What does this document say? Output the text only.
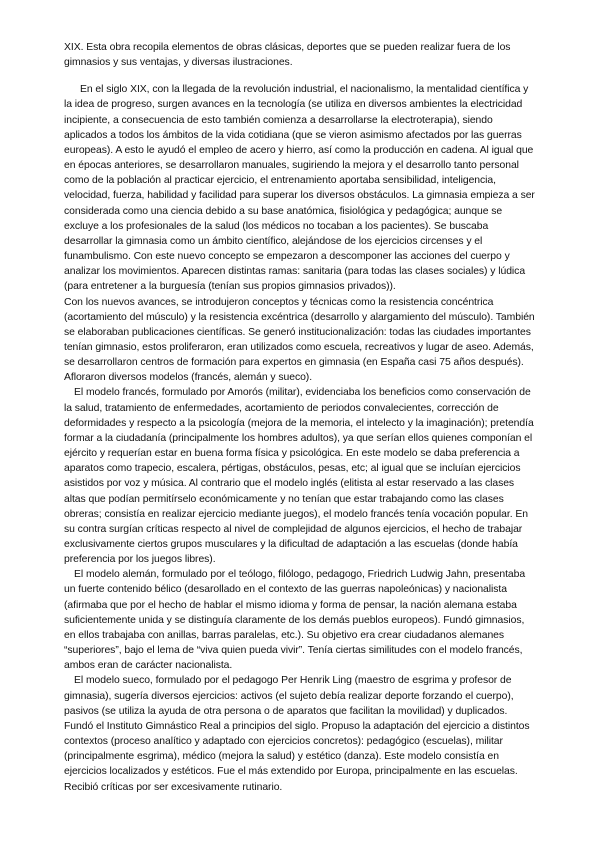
XIX. Esta obra recopila elementos de obras clásicas, deportes que se pueden realizar fuera de los gimnasios y sus ventajas, y diversas ilustraciones.

En el siglo XIX, con la llegada de la revolución industrial, el nacionalismo, la mentalidad científica y la idea de progreso, surgen avances en la tecnología (se utiliza en diversos ambientes la electricidad incipiente, a consecuencia de esto también comienza a desarrollarse la electroterapia), siendo aplicados a todos los ámbitos de la vida cotidiana (que se vieron asimismo afectados por las guerras europeas). A esto le ayudó el empleo de acero y hierro, así como la producción en cadena. Al igual que en épocas anteriores, se desarrollaron manuales, sugiriendo la mejora y el desarrollo tanto personal como de la población al practicar ejercicio, el entrenamiento aportaba sensibilidad, inteligencia, velocidad, fuerza, habilidad y facilidad para superar los diversos obstáculos. La gimnasia empieza a ser considerada como una ciencia debido a su base anatómica, fisiológica y pedagógica; aunque se excluye a los profesionales de la salud (los médicos no tocaban a los pacientes). Se buscaba desarrollar la gimnasia como un ámbito científico, alejándose de los ejercicios circenses y el funambulismo. Con este nuevo concepto se empezaron a descomponer las acciones del cuerpo y analizar los movimientos. Aparecen distintas ramas: sanitaria (para todas las clases sociales) y lúdica (para entretener a la burguesía (tenían sus propios gimnasios privados)).

Con los nuevos avances, se introdujeron conceptos y técnicas como la resistencia concéntrica (acortamiento del músculo) y la resistencia excéntrica (desarrollo y alargamiento del músculo). También se elaboraban publicaciones científicas. Se generó institucionalización: todas las ciudades importantes tenían gimnasio, estos proliferaron, eran utilizados como escuela, recreativos y lugar de aseo. Además, se desarrollaron centros de formación para expertos en gimnasia (en España casi 75 años después). Afloraron diversos modelos (francés, alemán y sueco).

El modelo francés, formulado por Amorós (militar), evidenciaba los beneficios como conservación de la salud, tratamiento de enfermedades, acortamiento de periodos convalecientes, corrección de deformidades y respecto a la psicología (mejora de la memoria, el intelecto y la imaginación); pretendía formar a la ciudadanía (principalmente los hombres adultos), ya que serían ellos quienes componían el ejército y requerían estar en buena forma física y psicológica. En este modelo se daba preferencia a aparatos como trapecio, escalera, pértigas, obstáculos, pesas, etc; al igual que se incluían ejercicios asistidos por voz y música. Al contrario que el modelo inglés (elitista al estar reservado a las clases altas que podían permitírselo económicamente y no tenían que estar trabajando como las clases obreras; consistía en realizar ejercicio mediante juegos), el modelo francés tenía vocación popular. En su contra surgían críticas respecto al nivel de complejidad de algunos ejercicios, el hecho de trabajar exclusivamente ciertos grupos musculares y la dificultad de adaptación a las escuelas (donde había preferencia por los juegos libres).

El modelo alemán, formulado por el teólogo, filólogo, pedagogo, Friedrich Ludwig Jahn, presentaba un fuerte contenido bélico (desarollado en el contexto de las guerras napoleónicas) y nacionalista (afirmaba que por el hecho de hablar el mismo idioma y forma de pensar, la nación alemana estaba suficientemente unida y se distinguía claramente de los demás pueblos europeos). Fundó gimnasios, en ellos trabajaba con anillas, barras paralelas, etc.). Su objetivo era crear ciudadanos alemanes “superiores”, bajo el lema de “viva quien pueda vivir”. Tenía ciertas similitudes con el modelo francés, ambos eran de carácter nacionalista.

El modelo sueco, formulado por el pedagogo Per Henrik Ling (maestro de esgrima y profesor de gimnasia), sugería diversos ejercicios: activos (el sujeto debía realizar deporte forzando el cuerpo), pasivos (se utiliza la ayuda de otra persona o de aparatos que facilitan la movilidad) y duplicados. Fundó el Instituto Gimnástico Real a principios del siglo. Propuso la adaptación del ejercicio a distintos contextos (proceso analítico y adaptado con ejercicios concretos): pedagógico (escuelas), militar (principalmente esgrima), médico (mejora la salud) y estético (danza). Este modelo consistía en ejercicios localizados y estéticos. Fue el más extendido por Europa, principalmente en las escuelas. Recibió críticas por ser excesivamente rutinario.
